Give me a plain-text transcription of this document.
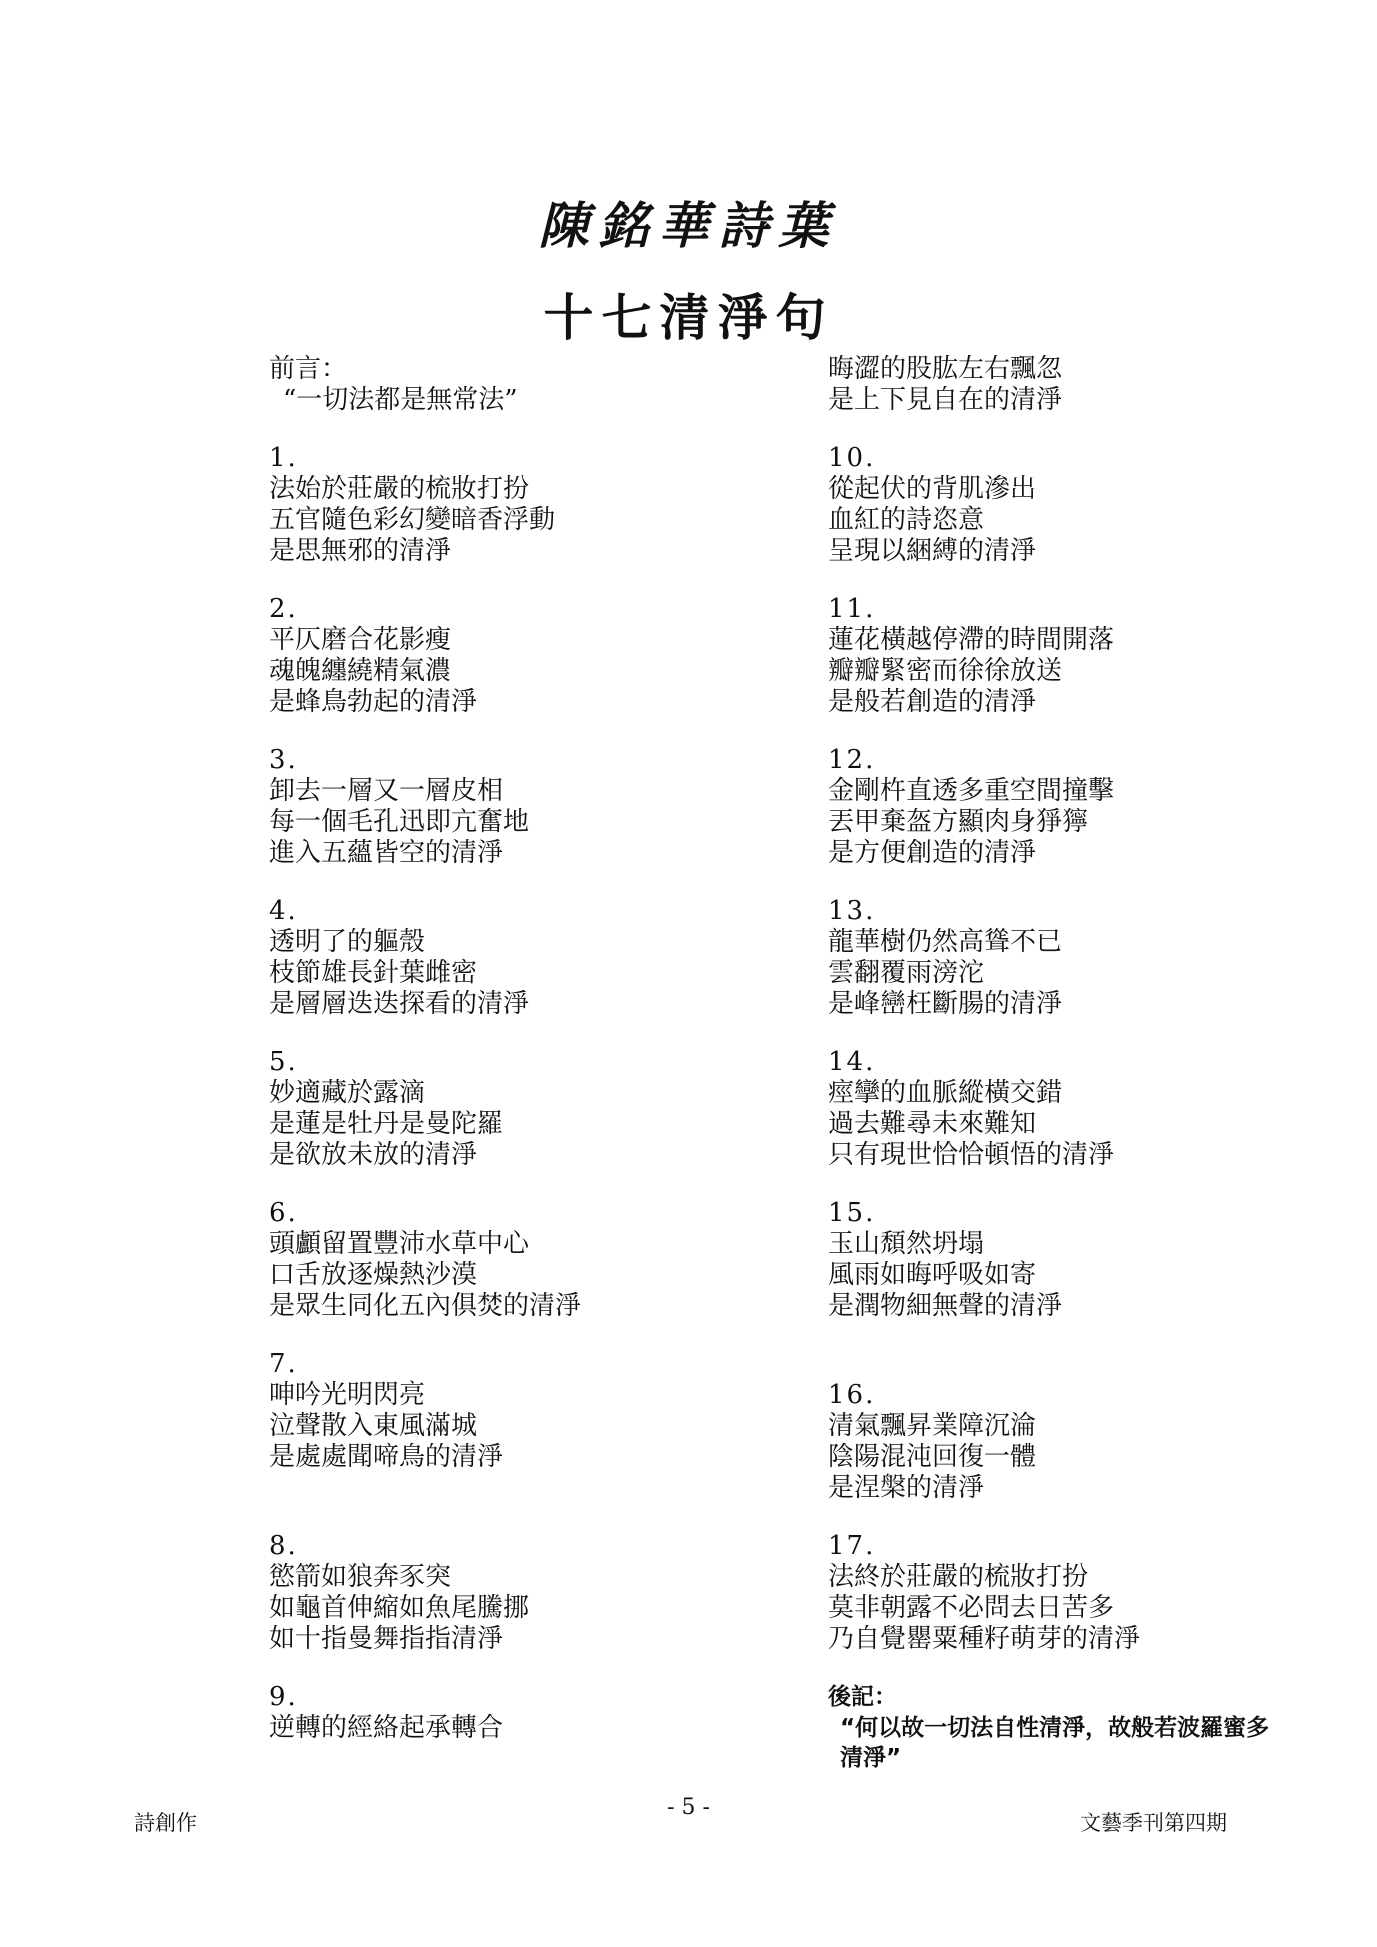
陳銘華詩葉
十七清淨句
前言：
“一切法都是無常法”
1.
法始於莊嚴的梳妝打扮
五官隨色彩幻變暗香浮動
是思無邪的清淨
2.
平仄磨合花影瘦
魂魄纏繞精氣濃
是蜂鳥勃起的清淨
3.
卸去一層又一層皮相
每一個毛孔迅即亢奮地
進入五蘊皆空的清淨
4.
透明了的軀殼
枝節雄長針葉雌密
是層層迭迭探看的清淨
5.
妙適藏於露滴
是蓮是牡丹是曼陀羅
是欲放未放的清淨
6.
頭顱留置豐沛水草中心
口舌放逐燥熱沙漠
是眾生同化五內俱焚的清淨
7.
呻吟光明閃亮
泣聲散入東風滿城
是處處聞啼鳥的清淨
8.
慾箭如狼奔豕突
如龜首伸縮如魚尾騰挪
如十指曼舞指指清淨
9.
逆轉的經絡起承轉合
晦澀的股肱左右飄忽
是上下見自在的清淨
10.
從起伏的背肌滲出
血紅的詩恣意
呈現以綑縛的清淨
11.
蓮花橫越停滯的時間開落
瓣瓣緊密而徐徐放送
是般若創造的清淨
12.
金剛杵直透多重空間撞擊
丟甲棄盔方顯肉身猙獰
是方便創造的清淨
13.
龍華樹仍然高聳不已
雲翻覆雨滂沱
是峰巒枉斷腸的清淨
14.
痙攣的血脈縱橫交錯
過去難尋未來難知
只有現世恰恰頓悟的清淨
15.
玉山頹然坍塌
風雨如晦呼吸如寄
是潤物細無聲的清淨
16.
清氣飄昇業障沉淪
陰陽混沌回復一體
是涅槃的清淨
17.
法終於莊嚴的梳妝打扮
莫非朝露不必問去日苦多
乃自覺罌粟種籽萌芽的清淨
後記：
“何以故一切法自性清淨，故般若波羅蜜多清淨”
詩創作
- 5 -
文藝季刊第四期
